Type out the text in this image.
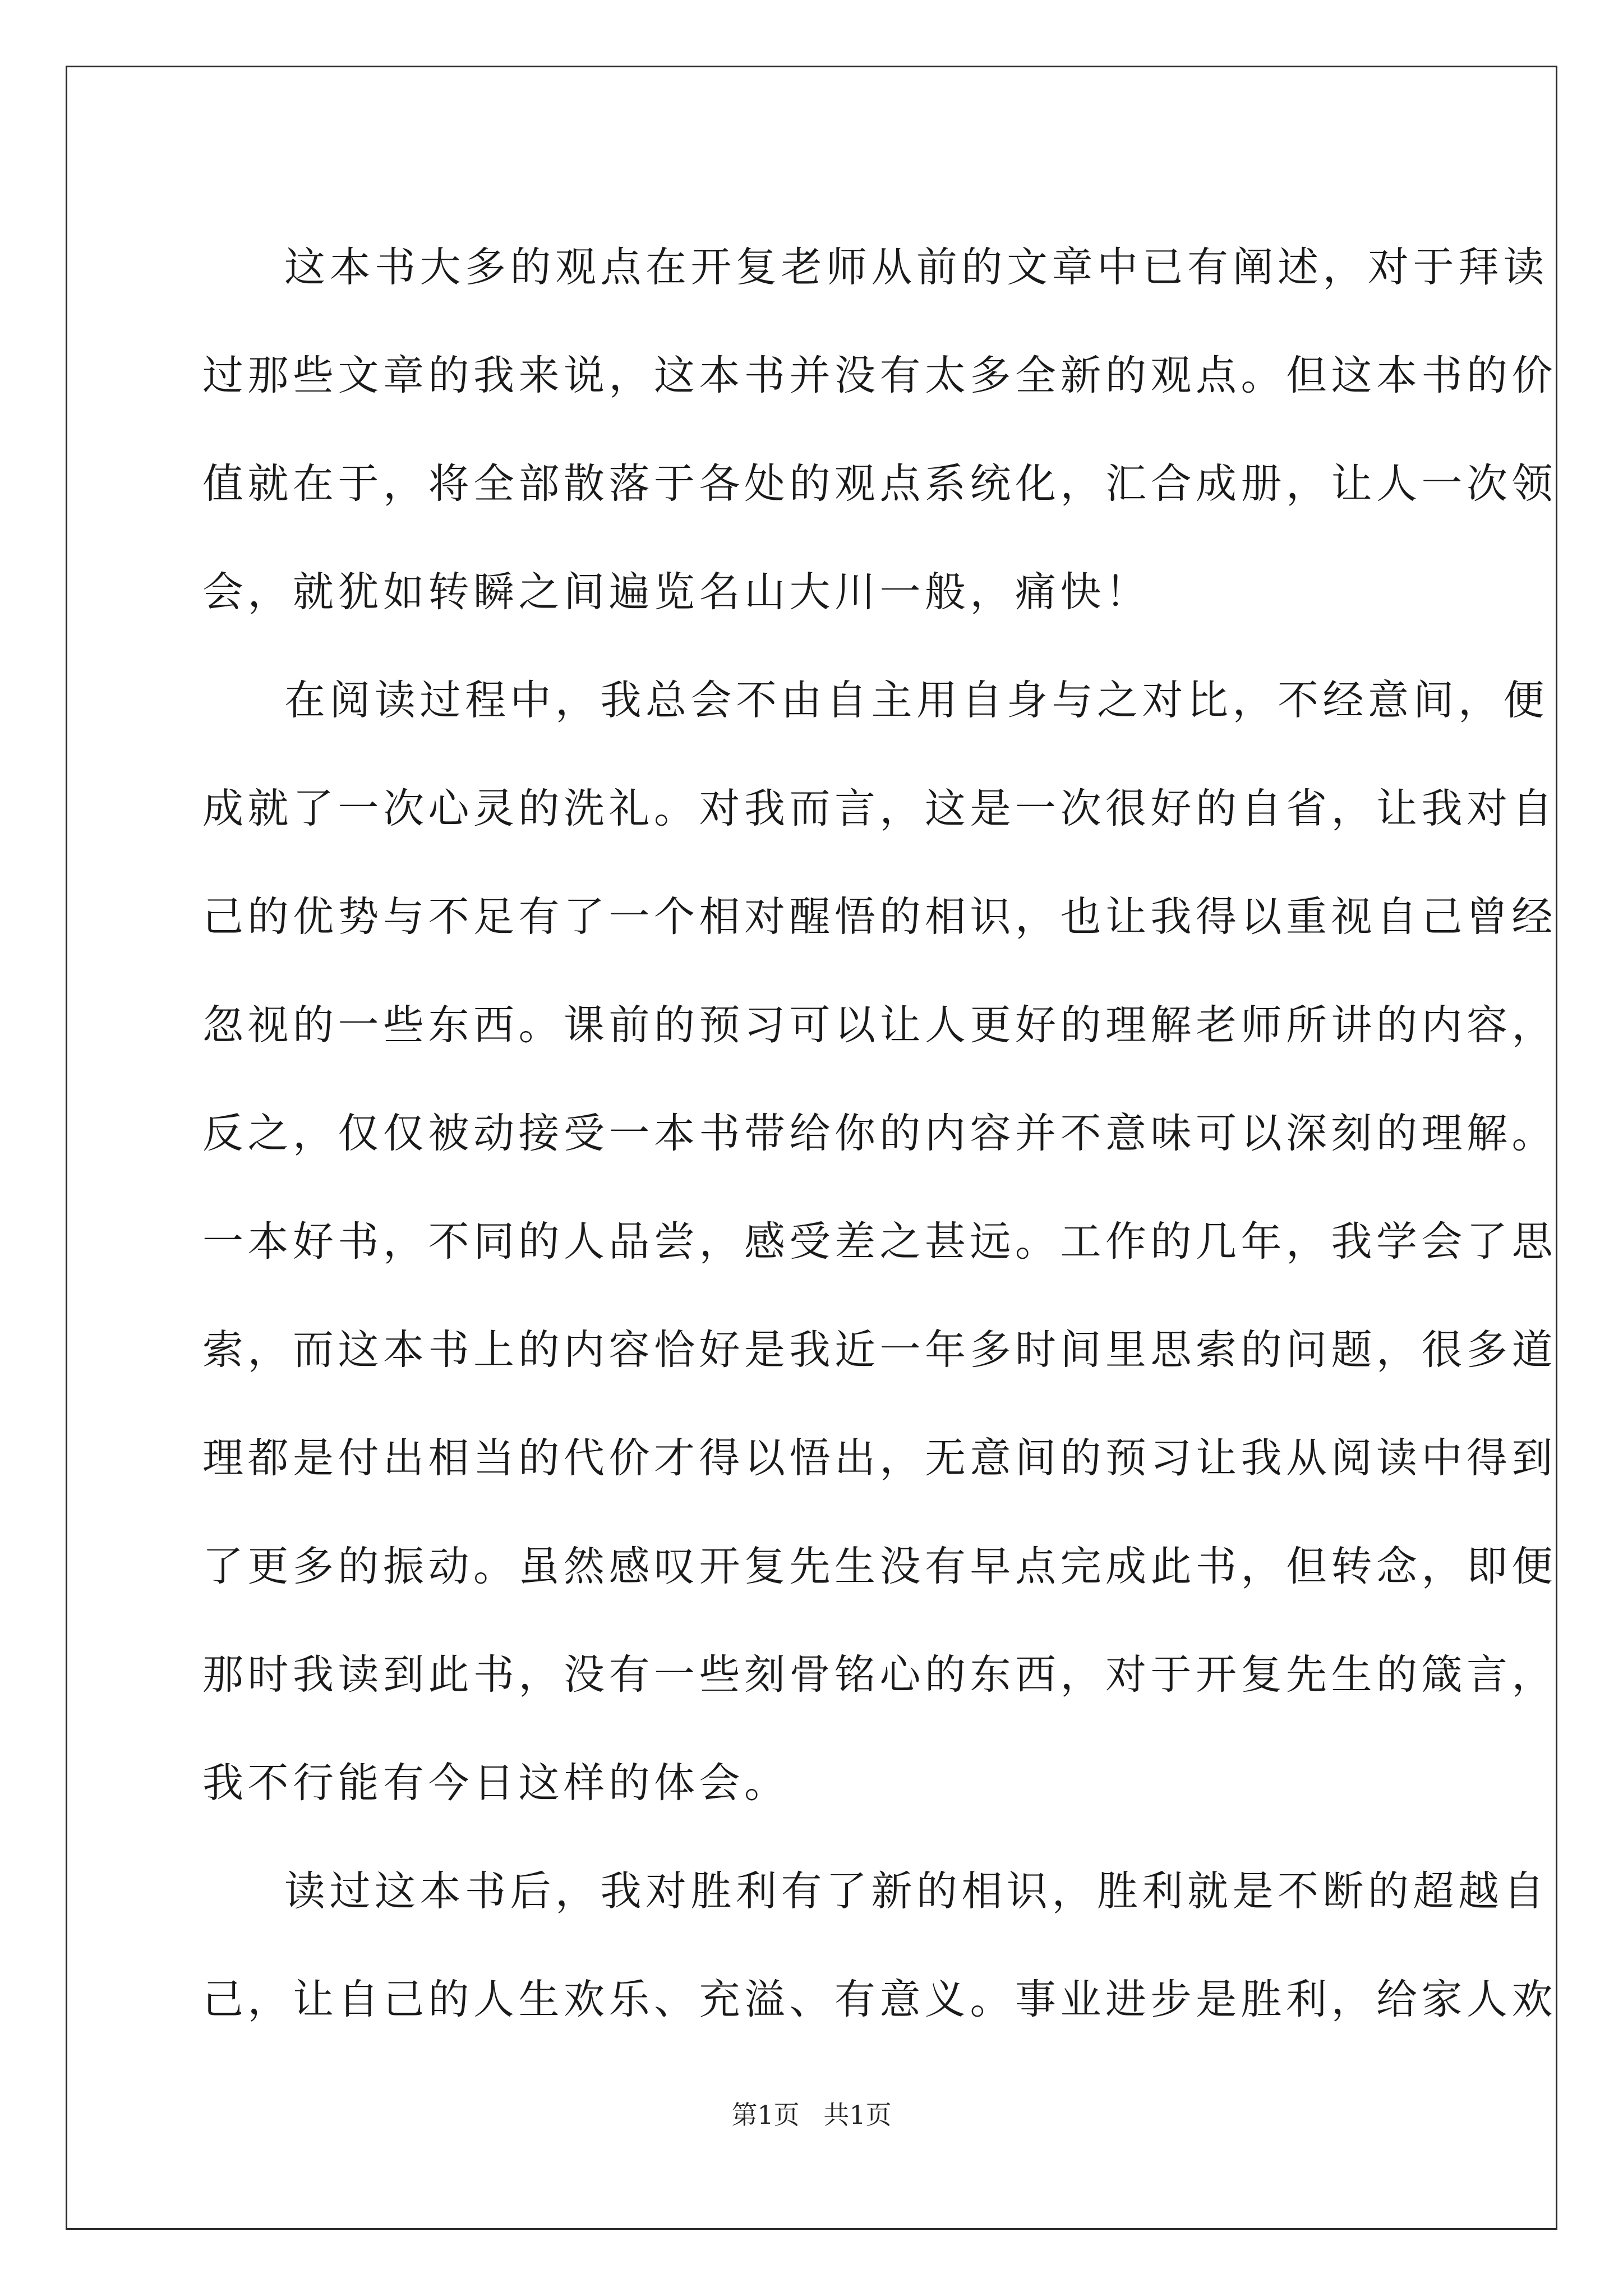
这本书大多的观点在开复老师从前的文章中已有阐述，对于拜读
过那些文章的我来说，这本书并没有太多全新的观点。但这本书的价
值就在于，将全部散落于各处的观点系统化，汇合成册，让人一次领
会，就犹如转瞬之间遍览名山大川一般，痛快！
在阅读过程中，我总会不由自主用自身与之对比，不经意间，便
成就了一次心灵的洗礼。对我而言，这是一次很好的自省，让我对自
己的优势与不足有了一个相对醒悟的相识，也让我得以重视自己曾经
忽视的一些东西。课前的预习可以让人更好的理解老师所讲的内容，
反之，仅仅被动接受一本书带给你的内容并不意味可以深刻的理解。
一本好书，不同的人品尝，感受差之甚远。工作的几年，我学会了思
索，而这本书上的内容恰好是我近一年多时间里思索的问题，很多道
理都是付出相当的代价才得以悟出，无意间的预习让我从阅读中得到
了更多的振动。虽然感叹开复先生没有早点完成此书，但转念，即便
那时我读到此书，没有一些刻骨铭心的东西，对于开复先生的箴言，
我不行能有今日这样的体会。
读过这本书后，我对胜利有了新的相识，胜利就是不断的超越自
己，让自己的人生欢乐、充溢、有意义。事业进步是胜利，给家人欢
第1页 共1页
